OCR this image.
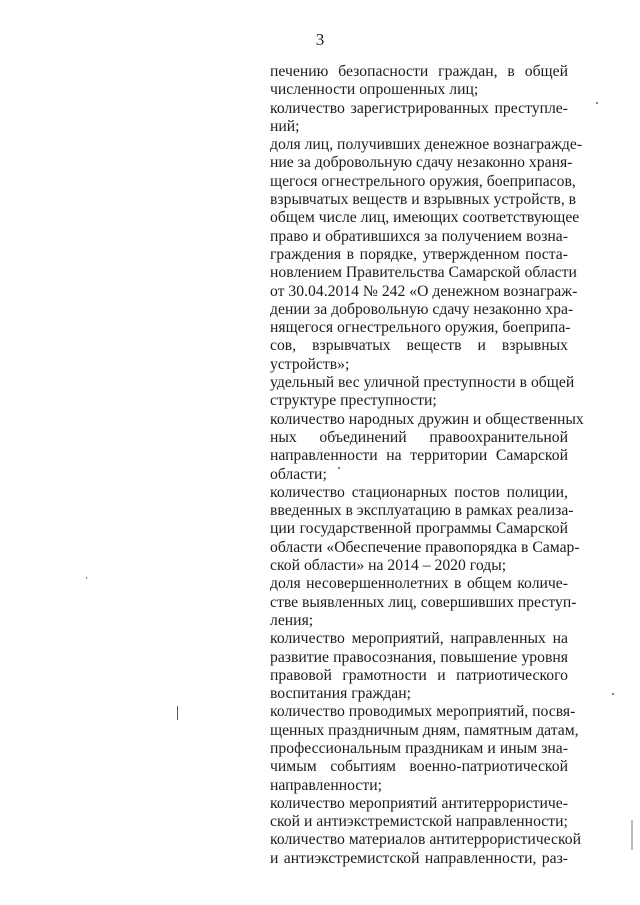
3

печению безопасности граждан, в общей
численности опрошенных лиц;

количество зарегистрированных преступле-
ний;

доля лиц, получивших денежное вознагражде-
ние за добровольную сдачу незаконно храня-
щегося огнестрельного оружия, боеприпасов,
взрывчатых веществ и взрывных устройств, в
общем числе лиц, имеющих соответствующее
право и обратившихся за получением возна-
граждения в порядке, утвержденном поста-
новлением Правительства Самарской области
от 30.04.2014 № 242 «О денежном вознаграж-
дении за добровольную сдачу незаконно хра-
нящегося огнестрельного оружия, боеприпа-
сов, взрывчатых веществ и взрывных
устройств»;

удельный вес уличной преступности в общей
структуре преступности;

количество народных дружин и общественных
ных объединений правоохранительной
направленности на территории Самарской
области;

количество стационарных постов полиции,
введенных в эксплуатацию в рамках реализа-
ции государственной программы Самарской
области «Обеспечение правопорядка в Самар-
ской области» на 2014 – 2020 годы;

доля несовершеннолетних в общем количе-
стве выявленных лиц, совершивших преступ-
ления;

количество мероприятий, направленных на
развитие правосознания, повышение уровня
правовой грамотности и патриотического
воспитания граждан;

количество проводимых мероприятий, посвя-
щенных праздничным дням, памятным датам,
профессиональным праздникам и иным зна-
чимым событиям военно-патриотической
направленности;

количество мероприятий антитеррористиче-
ской и антиэкстремистской направленности;

количество материалов антитеррористической
и антиэкстремистской направленности, раз-
